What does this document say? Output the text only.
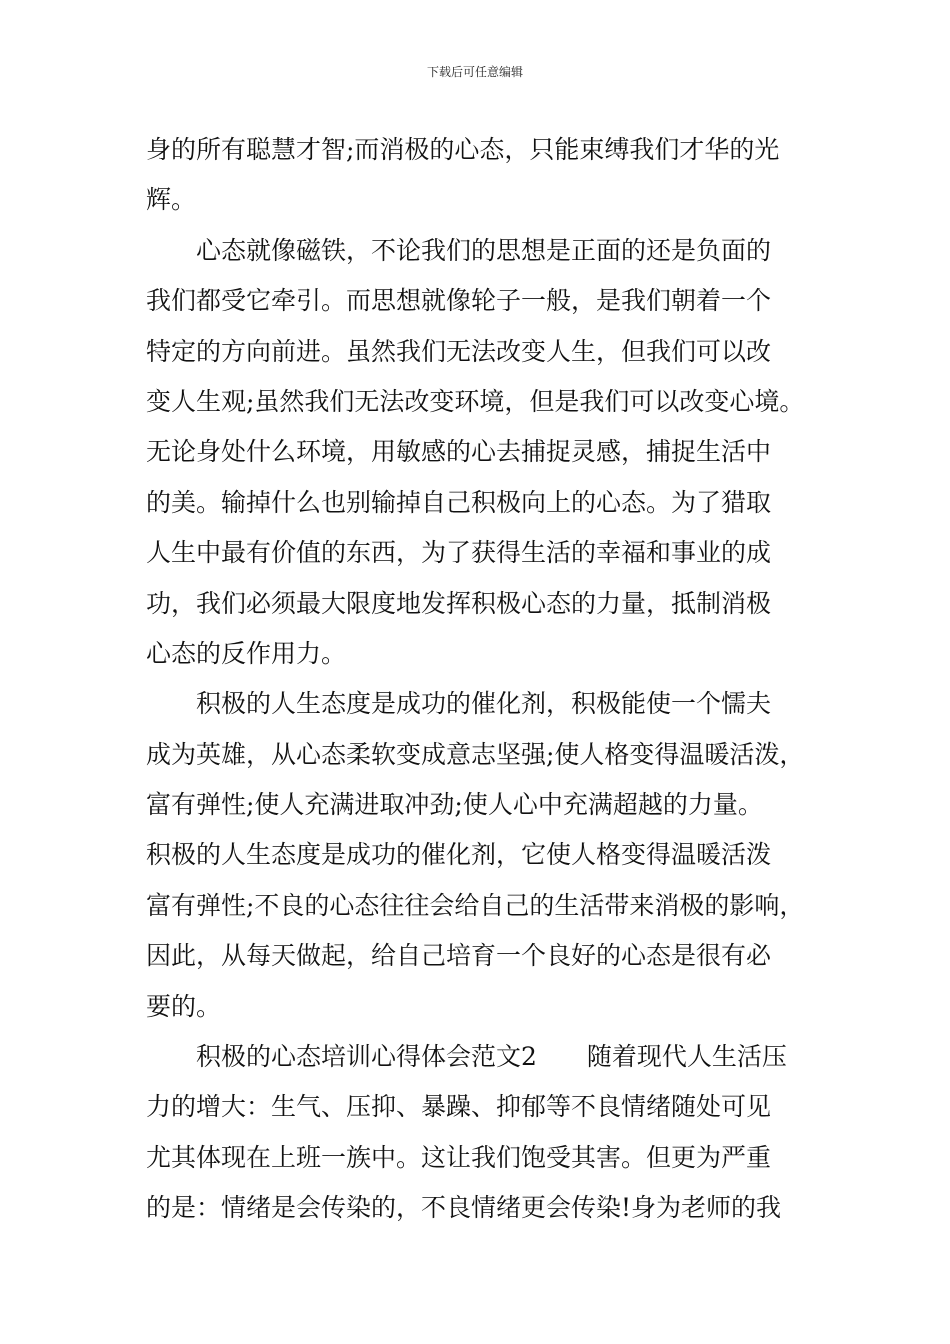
下载后可任意编辑
身的所有聪慧才智;而消极的心态，只能束缚我们才华的光
辉。
心态就像磁铁，不论我们的思想是正面的还是负面的
我们都受它牵引。而思想就像轮子一般，是我们朝着一个
特定的方向前进。虽然我们无法改变人生，但我们可以改
变人生观;虽然我们无法改变环境，但是我们可以改变心境。
无论身处什么环境，用敏感的心去捕捉灵感，捕捉生活中
的美。输掉什么也别输掉自己积极向上的心态。为了猎取
人生中最有价值的东西，为了获得生活的幸福和事业的成
功，我们必须最大限度地发挥积极心态的力量，抵制消极
心态的反作用力。
积极的人生态度是成功的催化剂，积极能使一个懦夫
成为英雄，从心态柔软变成意志坚强;使人格变得温暖活泼，
富有弹性;使人充满进取冲劲;使人心中充满超越的力量。
积极的人生态度是成功的催化剂，它使人格变得温暖活泼
富有弹性;不良的心态往往会给自己的生活带来消极的影响，
因此，从每天做起，给自己培育一个良好的心态是很有必
要的。
积极的心态培训心得体会范文2　　随着现代人生活压
力的增大：生气、压抑、暴躁、抑郁等不良情绪随处可见
尤其体现在上班一族中。这让我们饱受其害。但更为严重
的是：情绪是会传染的，不良情绪更会传染!身为老师的我
